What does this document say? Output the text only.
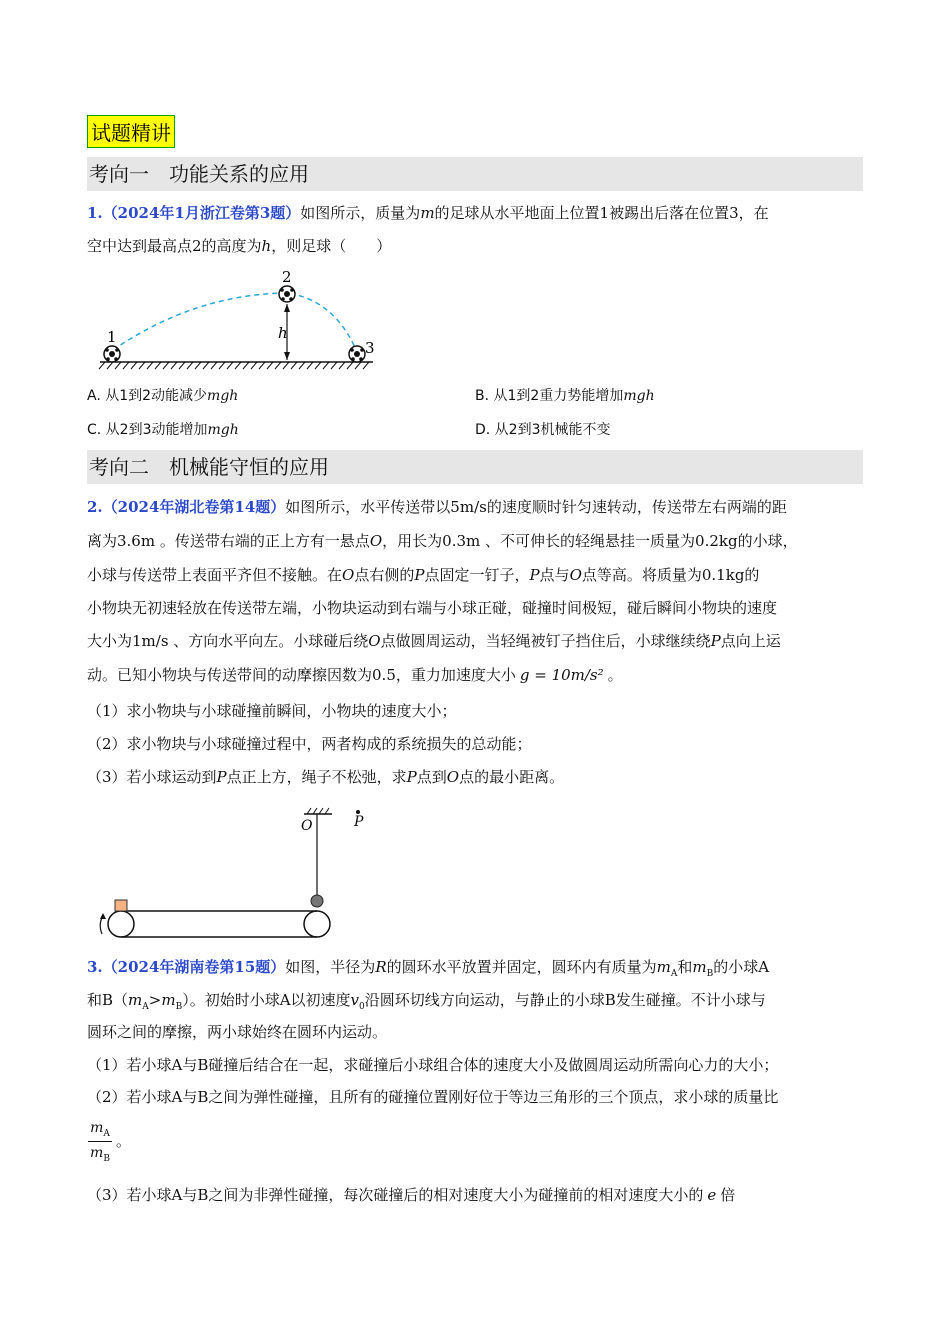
试题精讲
考向一　功能关系的应用
1.（2024年1月浙江卷第3题）如图所示，质量为m的足球从水平地面上位置1被踢出后落在位置3，在
空中达到最高点2的高度为h，则足球（　　）
1
2
3
h
A. 从1到2动能减少mgh	B. 从1到2重力势能增加mgh
C. 从2到3动能增加mgh	D. 从2到3机械能不变
考向二　机械能守恒的应用
2.（2024年湖北卷第14题）如图所示，水平传送带以5m/s的速度顺时针匀速转动，传送带左右两端的距
离为3.6m 。传送带右端的正上方有一悬点O，用长为0.3m 、不可伸长的轻绳悬挂一质量为0.2kg的小球，
小球与传送带上表面平齐但不接触。在O点右侧的P点固定一钉子，P点与O点等高。将质量为0.1kg的
小物块无初速轻放在传送带左端，小物块运动到右端与小球正碰，碰撞时间极短，碰后瞬间小物块的速度
大小为1m/s 、方向水平向左。小球碰后绕O点做圆周运动，当轻绳被钉子挡住后，小球继续绕P点向上运
动。已知小物块与传送带间的动摩擦因数为0.5，重力加速度大小 g = 10m/s² 。
（1）求小物块与小球碰撞前瞬间，小物块的速度大小；
（2）求小物块与小球碰撞过程中，两者构成的系统损失的总动能；
（3）若小球运动到P点正上方，绳子不松弛，求P点到O点的最小距离。
O	P
3.（2024年湖南卷第15题）如图，半径为R的圆环水平放置并固定，圆环内有质量为$m_A$和$m_B$的小球A
和$B(m_A>m_B)$。初始时小球A以初速度$v_0$沿圆环切线方向运动，与静止的小球B发生碰撞。不计小球与
圆环之间的摩擦，两小球始终在圆环内运动。
（1）若小球A与B碰撞后结合在一起，求碰撞后小球组合体的速度大小及做圆周运动所需向心力的大小；
（2）若小球A与B之间为弹性碰撞，且所有的碰撞位置刚好位于等边三角形的三个顶点，求小球的质量比
$\frac{m_A}{m_B}$ 。
（3）若小球A与B之间为非弹性碰撞，每次碰撞后的相对速度大小为碰撞前的相对速度大小的 e 倍
